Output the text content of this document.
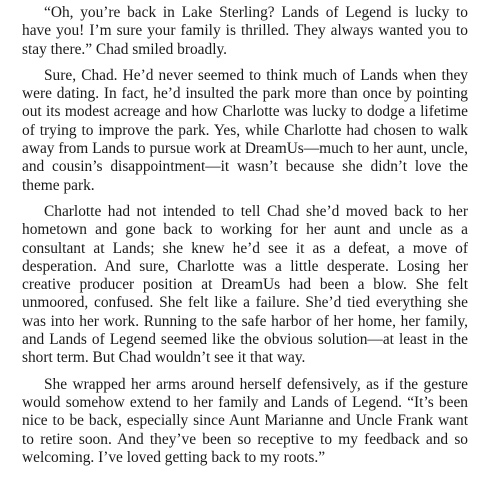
“Oh, you’re back in Lake Sterling? Lands of Legend is lucky to have you! I’m sure your family is thrilled. They always wanted you to stay there.” Chad smiled broadly.

Sure, Chad. He’d never seemed to think much of Lands when they were dating. In fact, he’d insulted the park more than once by pointing out its modest acreage and how Charlotte was lucky to dodge a lifetime of trying to improve the park. Yes, while Charlotte had chosen to walk away from Lands to pursue work at DreamUs—much to her aunt, uncle, and cousin’s disappointment—it wasn’t because she didn’t love the theme park.

Charlotte had not intended to tell Chad she’d moved back to her hometown and gone back to working for her aunt and uncle as a consultant at Lands; she knew he’d see it as a defeat, a move of desperation. And sure, Charlotte was a little desperate. Losing her creative producer position at DreamUs had been a blow. She felt unmoored, confused. She felt like a failure. She’d tied everything she was into her work. Running to the safe harbor of her home, her family, and Lands of Legend seemed like the obvious solution—at least in the short term. But Chad wouldn’t see it that way.

She wrapped her arms around herself defensively, as if the gesture would somehow extend to her family and Lands of Legend. “It’s been nice to be back, especially since Aunt Marianne and Uncle Frank want to retire soon. And they’ve been so receptive to my feedback and so welcoming. I’ve loved getting back to my roots.”
